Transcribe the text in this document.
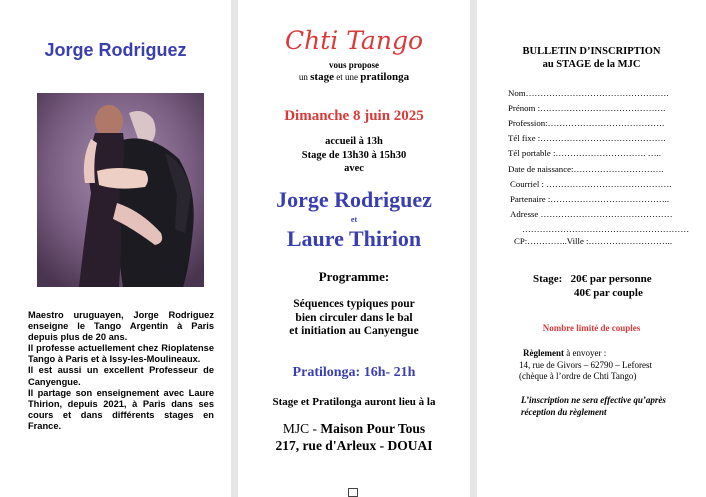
Jorge Rodriguez

Maestro uruguayen, Jorge Rodriguez enseigne le Tango Argentin à Paris depuis plus de 20 ans.

Il professe actuellement chez Rioplatense Tango à Paris et à Issy-les-Moulineaux.

Il est aussi un excellent Professeur de Canyengue.

Il partage son enseignement avec Laure Thirion, depuis 2021, à Paris dans ses cours et dans différents stages en France.

Chti Tango
vous propose
un stage et une pratilonga
Dimanche 8 juin 2025
accueil à 13h
Stage de 13h30 à 15h30
avec
Jorge Rodriguez
et
Laure Thirion
Programme:
Séquences typiques pour
bien circuler dans le bal
et initiation au Canyengue
Pratilonga: 16h- 21h
Stage et Pratilonga auront lieu à la
MJC - Maison Pour Tous
217, rue d'Arleux - DOUAI
BULLETIN D’INSCRIPTION
au STAGE de la MJC
Nom………………………………………….
Prénom :…………………………………….
Profession:………………………………….
Tél fixe :…………………………………….
Tél portable :…………………………. …..
Date de naissance:………………………….
Courriel : …………………………………….
Partenaire :…………………………………..
Adresse ………………………………………
…………………………………………………
CP:…………..Ville :………………………..
Stage: 20€ par personne
40€ par couple
Nombre limité de couples
Règlement à envoyer :
14, rue de Givors – 62790 – Leforest
(chèque à l’ordre de Chti Tango)
L’inscription ne sera effective qu’après
réception du règlement
